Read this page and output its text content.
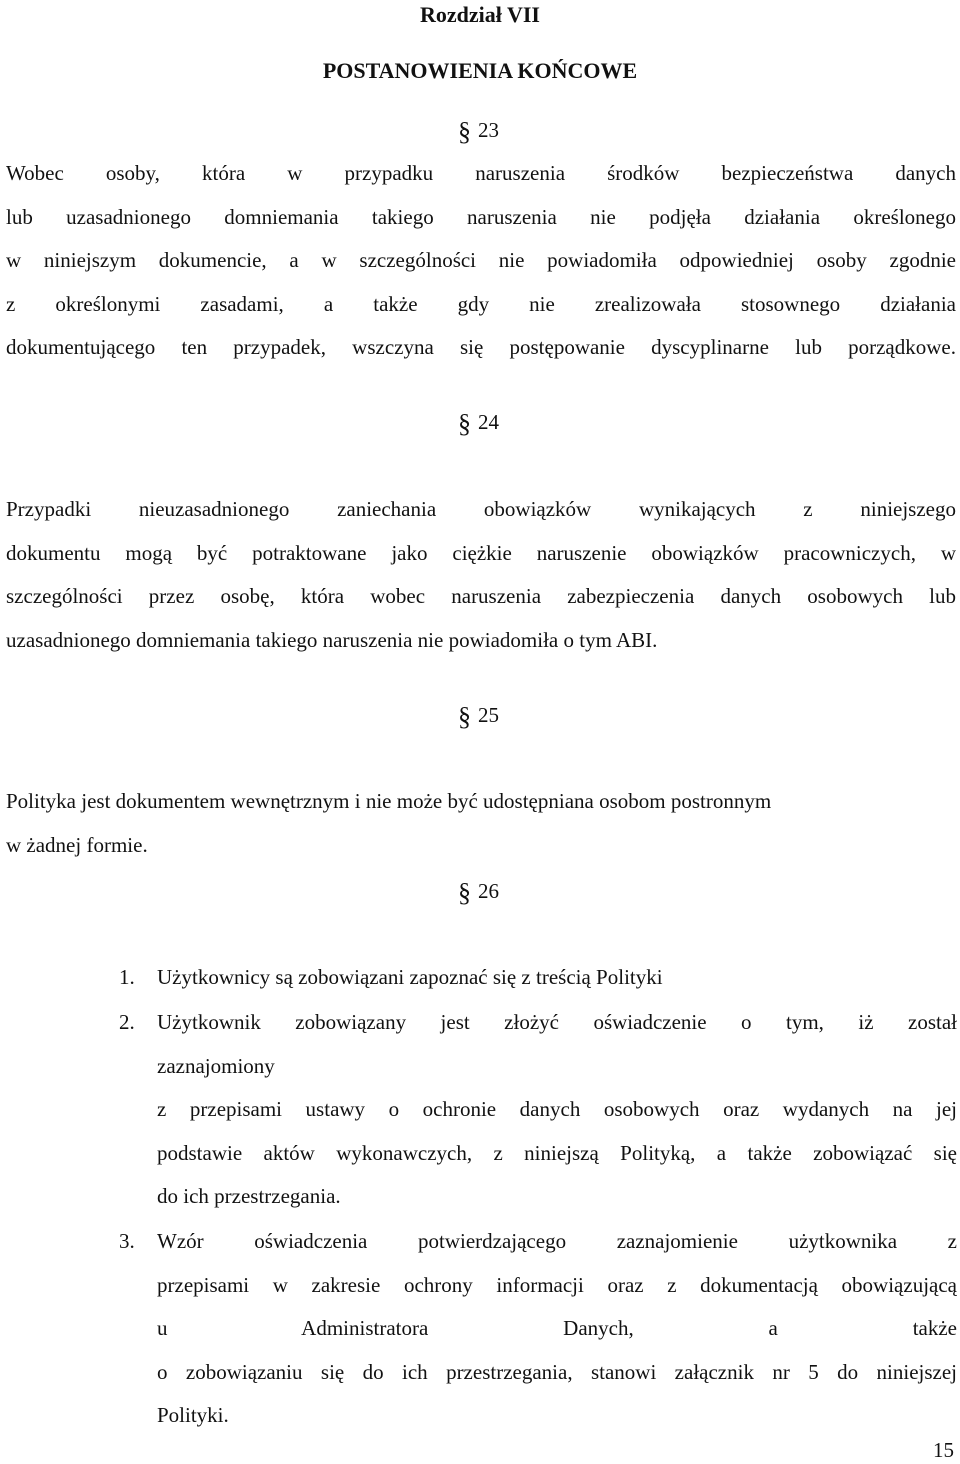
Rozdział VII
POSTANOWIENIA KOŃCOWE
§ 23
Wobec osoby, która w przypadku naruszenia środków bezpieczeństwa danych
lub uzasadnionego domniemania takiego naruszenia nie podjęła działania określonego
w niniejszym dokumencie, a w szczególności nie powiadomiła odpowiedniej osoby zgodnie
z określonymi zasadami, a także gdy nie zrealizowała stosownego działania
dokumentującego ten przypadek, wszczyna się postępowanie dyscyplinarne lub porządkowe.
§ 24
Przypadki nieuzasadnionego zaniechania obowiązków wynikających z niniejszego
dokumentu mogą być potraktowane jako ciężkie naruszenie obowiązków pracowniczych, w
szczególności przez osobę, która wobec naruszenia zabezpieczenia danych osobowych lub
uzasadnionego domniemania takiego naruszenia nie powiadomiła o tym ABI.
§ 25
Polityka jest dokumentem wewnętrznym i nie może być udostępniana osobom postronnym
w żadnej formie.
§ 26
1. Użytkownicy są zobowiązani zapoznać się z treścią Polityki
2. Użytkownik zobowiązany jest złożyć oświadczenie o tym, iż został
zaznajomiony
z przepisami ustawy o ochronie danych osobowych oraz wydanych na jej
podstawie aktów wykonawczych, z niniejszą Polityką, a także zobowiązać się
do ich przestrzegania.
3. Wzór oświadczenia potwierdzającego zaznajomienie użytkownika z
przepisami w zakresie ochrony informacji oraz z dokumentacją obowiązującą
u Administratora Danych, a także
o zobowiązaniu się do ich przestrzegania, stanowi załącznik nr 5 do niniejszej
Polityki.
15
